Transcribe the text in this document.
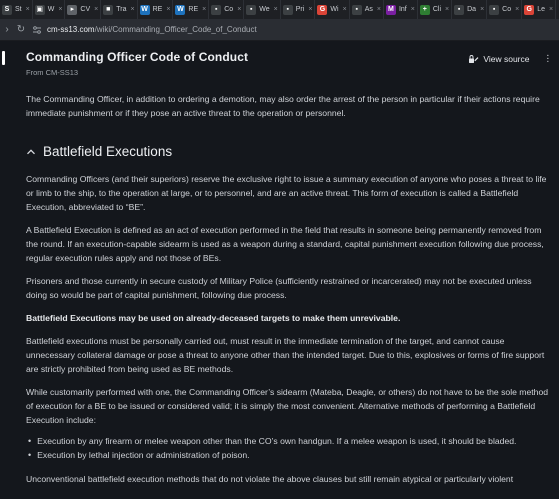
S St × ▣ W ×	▸ CV ×	■ Tra × W RE × W RE ×	▪ Co ×	▪ We ×	▪ Pri ×	G Wi ×	▪ As × M Inf ×	+ Cli ×	▪ Da ×	▪ Co ×	G Le ×
› ↻	cm-ss13.com/wiki/Commanding_Officer_Code_of_Conduct
Commanding Officer Code of Conduct
From CM-SS13
View source ⋮
The Commanding Officer, in addition to ordering a demotion, may also order the arrest of the person in particular if their actions require immediate punishment or if they pose an active threat to the operation or personnel.
Battlefield Executions
Commanding Officers (and their superiors) reserve the exclusive right to issue a summary execution of anyone who poses a threat to life or limb to the ship, to the operation at large, or to personnel, and are an active threat. This form of execution is called a Battlefield Execution, abbreviated to “BE”.
A Battlefield Execution is defined as an act of execution performed in the field that results in someone being permanently removed from the round. If an execution-capable sidearm is used as a weapon during a standard, capital punishment execution following due process, regular execution rules apply and not those of BEs.
Prisoners and those currently in secure custody of Military Police (sufficiently restrained or incarcerated) may not be executed unless doing so would be part of capital punishment, following due process.
Battlefield Executions may be used on already-deceased targets to make them unrevivable.
Battlefield executions must be personally carried out, must result in the immediate termination of the target, and cannot cause unnecessary collateral damage or pose a threat to anyone other than the intended target. Due to this, explosives or forms of fire support are strictly prohibited from being used as BE methods.
While customarily performed with one, the Commanding Officer’s sidearm (Mateba, Deagle, or others) do not have to be the sole method of execution for a BE to be issued or considered valid; it is simply the most convenient. Alternative methods of performing a Battlefield Execution include:
• Execution by any firearm or melee weapon other than the CO’s own handgun. If a melee weapon is used, it should be bladed.
• Execution by lethal injection or administration of poison.
Unconventional battlefield execution methods that do not violate the above clauses but still remain atypical or particularly violent
